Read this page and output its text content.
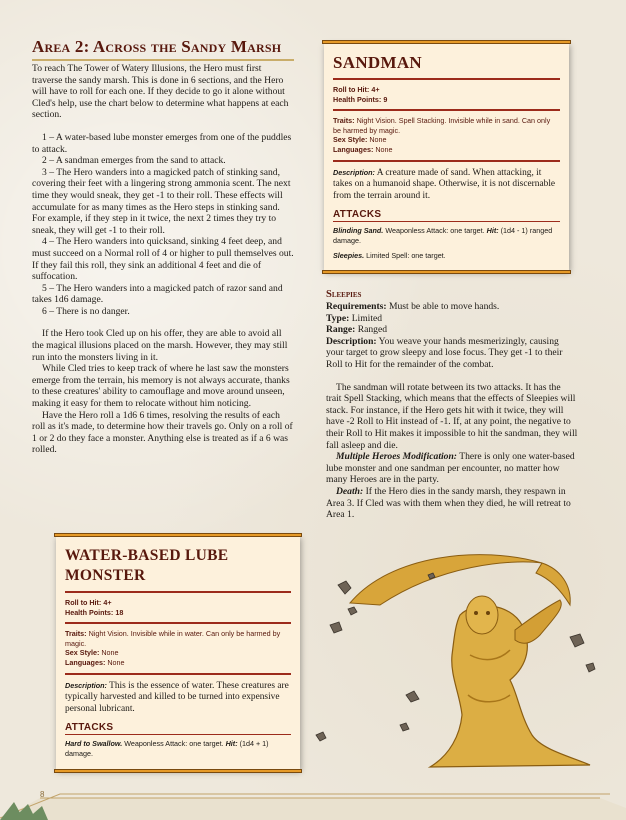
Area 2: Across the Sandy Marsh

To reach The Tower of Watery Illusions, the Hero must first traverse the sandy marsh. This is done in 6 sections, and the Hero will have to roll for each one. If they decide to go it alone without Cled's help, use the chart below to determine what happens at each section.

1 – A water-based lube monster emerges from one of the puddles to attack.

2 – A sandman emerges from the sand to attack.

3 – The Hero wanders into a magicked patch of stinking sand, covering their feet with a lingering strong ammonia scent. The next time they would sneak, they get -1 to their roll. These effects will accumulate for as many times as the Hero steps in stinking sand. For example, if they step in it twice, the next 2 times they try to sneak, they will get -1 to their roll.

4 – The Hero wanders into quicksand, sinking 4 feet deep, and must succeed on a Normal roll of 4 or higher to pull themselves out. If they fail this roll, they sink an additional 4 feet and die of suffocation.

5 – The Hero wanders into a magicked patch of razor sand and takes 1d6 damage.

6 – There is no danger.

If the Hero took Cled up on his offer, they are able to avoid all the magical illusions placed on the marsh. However, they may still run into the monsters living in it.

While Cled tries to keep track of where he last saw the monsters emerge from the terrain, his memory is not always accurate, thanks to these creatures' ability to camouflage and move around unseen, making it easy for them to relocate without him noticing.

Have the Hero roll a 1d6 6 times, resolving the results of each roll as it's made, to determine how their travels go. Only on a roll of 1 or 2 do they face a monster. Anything else is treated as if a 6 was rolled.

WATER-BASED LUBE MONSTER
Roll to Hit: 4+
Health Points: 18
Traits: Night Vision. Invisible while in water. Can only be harmed by magic.
Sex Style: None
Languages: None
Description: This is the essence of water. These creatures are typically harvested and killed to be turned into expensive personal lubricant.
ATTACKS
Hard to Swallow. Weaponless Attack: one target. Hit: (1d4 + 1) damage.
SANDMAN
Roll to Hit: 4+
Health Points: 9
Traits: Night Vision. Spell Stacking. Invisible while in sand. Can only be harmed by magic.
Sex Style: None
Languages: None
Description: A creature made of sand. When attacking, it takes on a humanoid shape. Otherwise, it is not discernable from the terrain around it.
ATTACKS
Blinding Sand. Weaponless Attack: one target. Hit: (1d4 - 1) ranged damage.
Sleepies. Limited Spell: one target.
Sleepies

Requirements: Must be able to move hands.

Type: Limited

Range: Ranged

Description: You weave your hands mesmerizingly, causing your target to grow sleepy and lose focus. They get -1 to their Roll to Hit for the remainder of the combat.

The sandman will rotate between its two attacks. It has the trait Spell Stacking, which means that the effects of Sleepies will stack. For instance, if the Hero gets hit with it twice, they will have -2 Roll to Hit instead of -1. If, at any point, the negative to their Roll to Hit makes it impossible to hit the sandman, they will fall asleep and die.

Multiple Heroes Modification: There is only one water-based lube monster and one sandman per encounter, no matter how many Heroes are in the party.

Death: If the Hero dies in the sandy marsh, they respawn in Area 3. If Cled was with them when they died, he will retreat to Area 1.

8
